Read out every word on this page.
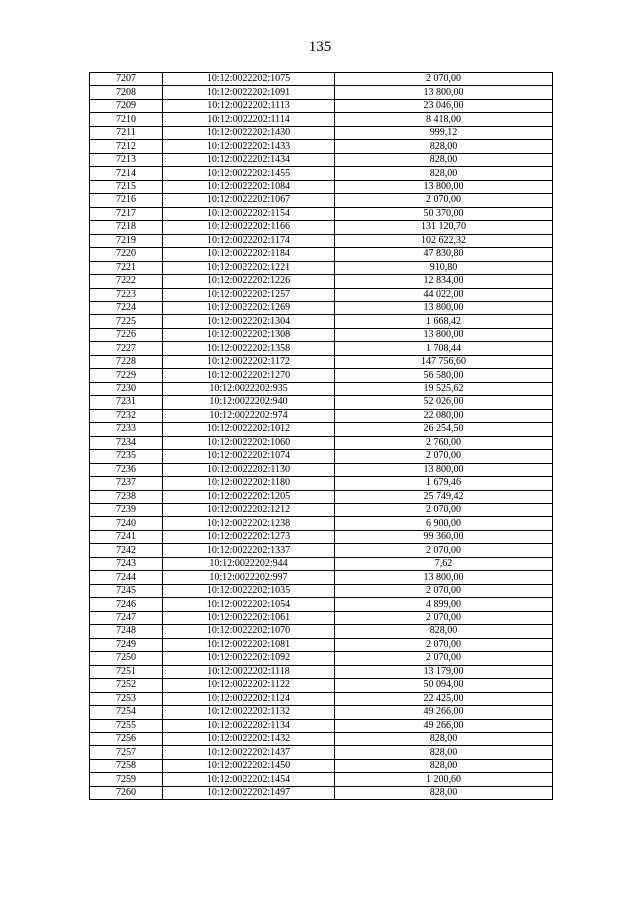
135
7207	10:12:0022202:1075	2 070,00
7208	10:12:0022202:1091	13 800,00
7209	10:12:0022202:1113	23 046,00
7210	10:12:0022202:1114	8 418,00
7211	10:12:0022202:1430	999,12
7212	10:12:0022202:1433	828,00
7213	10:12:0022202:1434	828,00
7214	10:12:0022202:1455	828,00
7215	10:12:0022202:1084	13 800,00
7216	10:12:0022202:1067	2 070,00
7217	10:12:0022202:1154	50 370,00
7218	10:12:0022202:1166	131 120,70
7219	10:12:0022202:1174	102 622,32
7220	10:12:0022202:1184	47 830,80
7221	10:12:0022202:1221	910,80
7222	10:12:0022202:1226	12 834,00
7223	10:12:0022202:1257	44 022,00
7224	10:12:0022202:1269	13 800,00
7225	10:12:0022202:1304	1 668,42
7226	10:12:0022202:1308	13 800,00
7227	10:12:0022202:1358	1 708,44
7228	10:12:0022202:1172	147 756,60
7229	10:12:0022202:1270	56 580,00
7230	10:12:0022202:935	19 525,62
7231	10:12:0022202:940	52 026,00
7232	10:12:0022202:974	22 080,00
7233	10:12:0022202:1012	26 254,50
7234	10:12:0022202:1060	2 760,00
7235	10:12:0022202:1074	2 070,00
7236	10:12:0022202:1130	13 800,00
7237	10:12:0022202:1180	1 679,46
7238	10:12:0022202:1205	25 749,42
7239	10:12:0022202:1212	2 070,00
7240	10:12:0022202:1238	6 900,00
7241	10:12:0022202:1273	99 360,00
7242	10:12:0022202:1337	2 070,00
7243	10:12:0022202:944	7,62
7244	10:12:0022202:997	13 800,00
7245	10:12:0022202:1035	2 070,00
7246	10:12:0022202:1054	4 899,00
7247	10:12:0022202:1061	2 070,00
7248	10:12:0022202:1070	828,00
7249	10:12:0022202:1081	2 070,00
7250	10:12:0022202:1092	2 070,00
7251	10:12:0022202:1118	13 179,00
7252	10:12:0022202:1122	50 094,00
7253	10:12:0022202:1124	22 425,00
7254	10:12:0022202:1132	49 266,00
7255	10:12:0022202:1134	49 266,00
7256	10:12:0022202:1432	828,00
7257	10:12:0022202:1437	828,00
7258	10:12:0022202:1450	828,00
7259	10:12:0022202:1454	1 200,60
7260	10:12:0022202:1497	828,00
